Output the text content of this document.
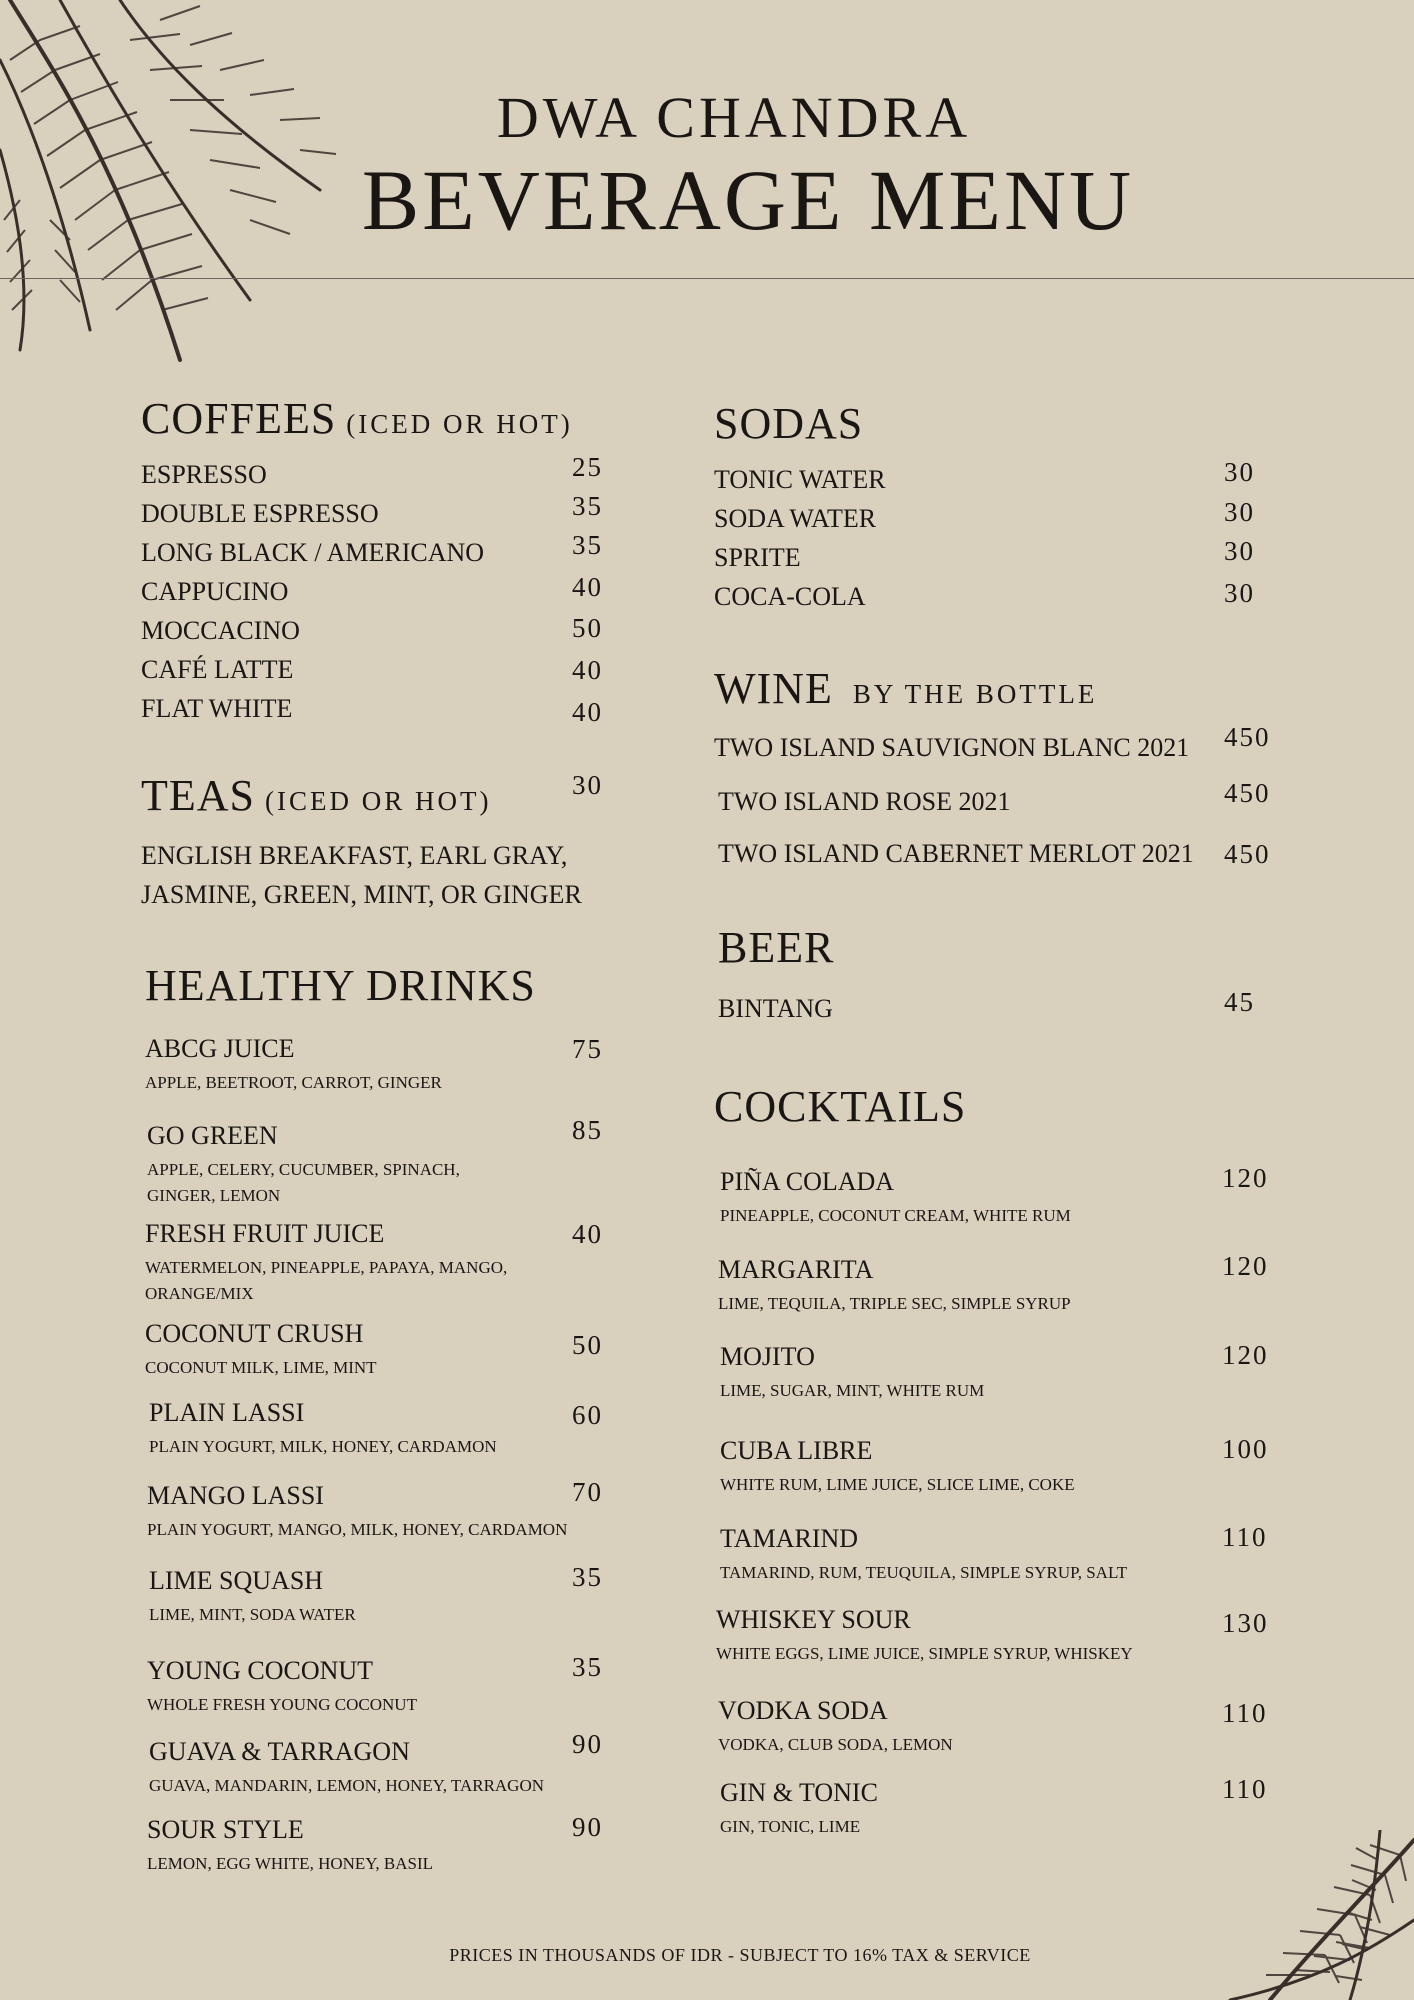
DWA CHANDRA
BEVERAGE MENU
COFFEES (ICED OR HOT)
ESPRESSO	25
DOUBLE ESPRESSO	35
LONG BLACK / AMERICANO	35
CAPPUCINO	40
MOCCACINO	50
CAFÉ LATTE	40
FLAT WHITE	40
TEAS (ICED OR HOT)
30
ENGLISH BREAKFAST, EARL GRAY,
JASMINE, GREEN, MINT, OR GINGER
HEALTHY DRINKS
ABCG JUICE	75
APPLE, BEETROOT, CARROT, GINGER
GO GREEN	85
APPLE, CELERY, CUCUMBER, SPINACH,
GINGER, LEMON
FRESH FRUIT JUICE	40
WATERMELON, PINEAPPLE, PAPAYA, MANGO,
ORANGE/MIX
COCONUT CRUSH	50
COCONUT MILK, LIME, MINT
PLAIN LASSI	60
PLAIN YOGURT, MILK, HONEY, CARDAMON
MANGO LASSI	70
PLAIN YOGURT, MANGO, MILK, HONEY, CARDAMON
LIME SQUASH	35
LIME, MINT, SODA WATER
YOUNG COCONUT	35
WHOLE FRESH YOUNG COCONUT
GUAVA & TARRAGON	90
GUAVA, MANDARIN, LEMON, HONEY, TARRAGON
SOUR STYLE	90
LEMON, EGG WHITE, HONEY, BASIL
SODAS
TONIC WATER	30
SODA WATER	30
SPRITE	30
COCA-COLA	30
WINE BY THE BOTTLE
TWO ISLAND SAUVIGNON BLANC 2021 450
TWO ISLAND ROSE 2021	450
TWO ISLAND CABERNET MERLOT 2021 450
BEER
BINTANG	45
COCKTAILS
PIÑA COLADA	120
PINEAPPLE, COCONUT CREAM, WHITE RUM
MARGARITA	120
LIME, TEQUILA, TRIPLE SEC, SIMPLE SYRUP
MOJITO	120
LIME, SUGAR, MINT, WHITE RUM
CUBA LIBRE	100
WHITE RUM, LIME JUICE, SLICE LIME, COKE
TAMARIND	110
TAMARIND, RUM, TEUQUILA, SIMPLE SYRUP, SALT
WHISKEY SOUR	130
WHITE EGGS, LIME JUICE, SIMPLE SYRUP, WHISKEY
VODKA SODA	110
VODKA, CLUB SODA, LEMON
GIN & TONIC	110
GIN, TONIC, LIME
PRICES IN THOUSANDS OF IDR - SUBJECT TO 16% TAX & SERVICE
